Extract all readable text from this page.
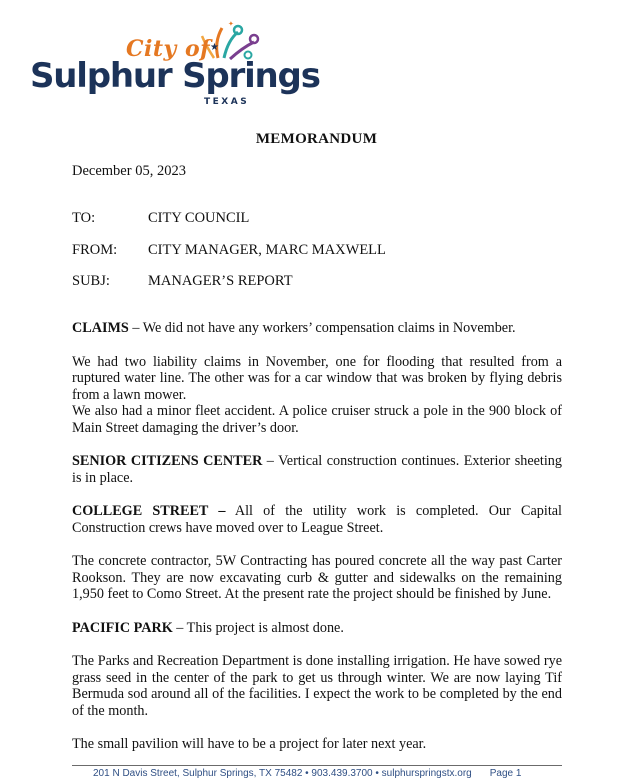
★
✦
City of
Sulphur Springs
TEXAS
MEMORANDUM
December 05, 2023
TO:	CITY COUNCIL
FROM: CITY MANAGER, MARC MAXWELL
SUBJ:	MANAGER’S REPORT

CLAIMS – We did not have any workers’ compensation claims in November.

We had two liability claims in November, one for flooding that resulted from a ruptured water line. The other was for a car window that was broken by flying debris from a lawn mower.

We also had a minor fleet accident. A police cruiser struck a pole in the 900 block of Main Street damaging the driver’s door.

SENIOR CITIZENS CENTER – Vertical construction continues. Exterior sheeting is in place.

COLLEGE STREET – All of the utility work is completed. Our Capital Construction crews have moved over to League Street.

The concrete contractor, 5W Contracting has poured concrete all the way past Carter Rookson. They are now excavating curb & gutter and sidewalks on the remaining 1,950 feet to Como Street. At the present rate the project should be finished by June.

PACIFIC PARK – This project is almost done.

The Parks and Recreation Department is done installing irrigation. He have sowed rye grass seed in the center of the park to get us through winter. We are now laying Tif Bermuda sod around all of the facilities. I expect the work to be completed by the end of the month.

The small pavilion will have to be a project for later next year.

201 N Davis Street, Sulphur Springs, TX 75482 • 903.439.3700 • sulphurspringstx.org Page 1
